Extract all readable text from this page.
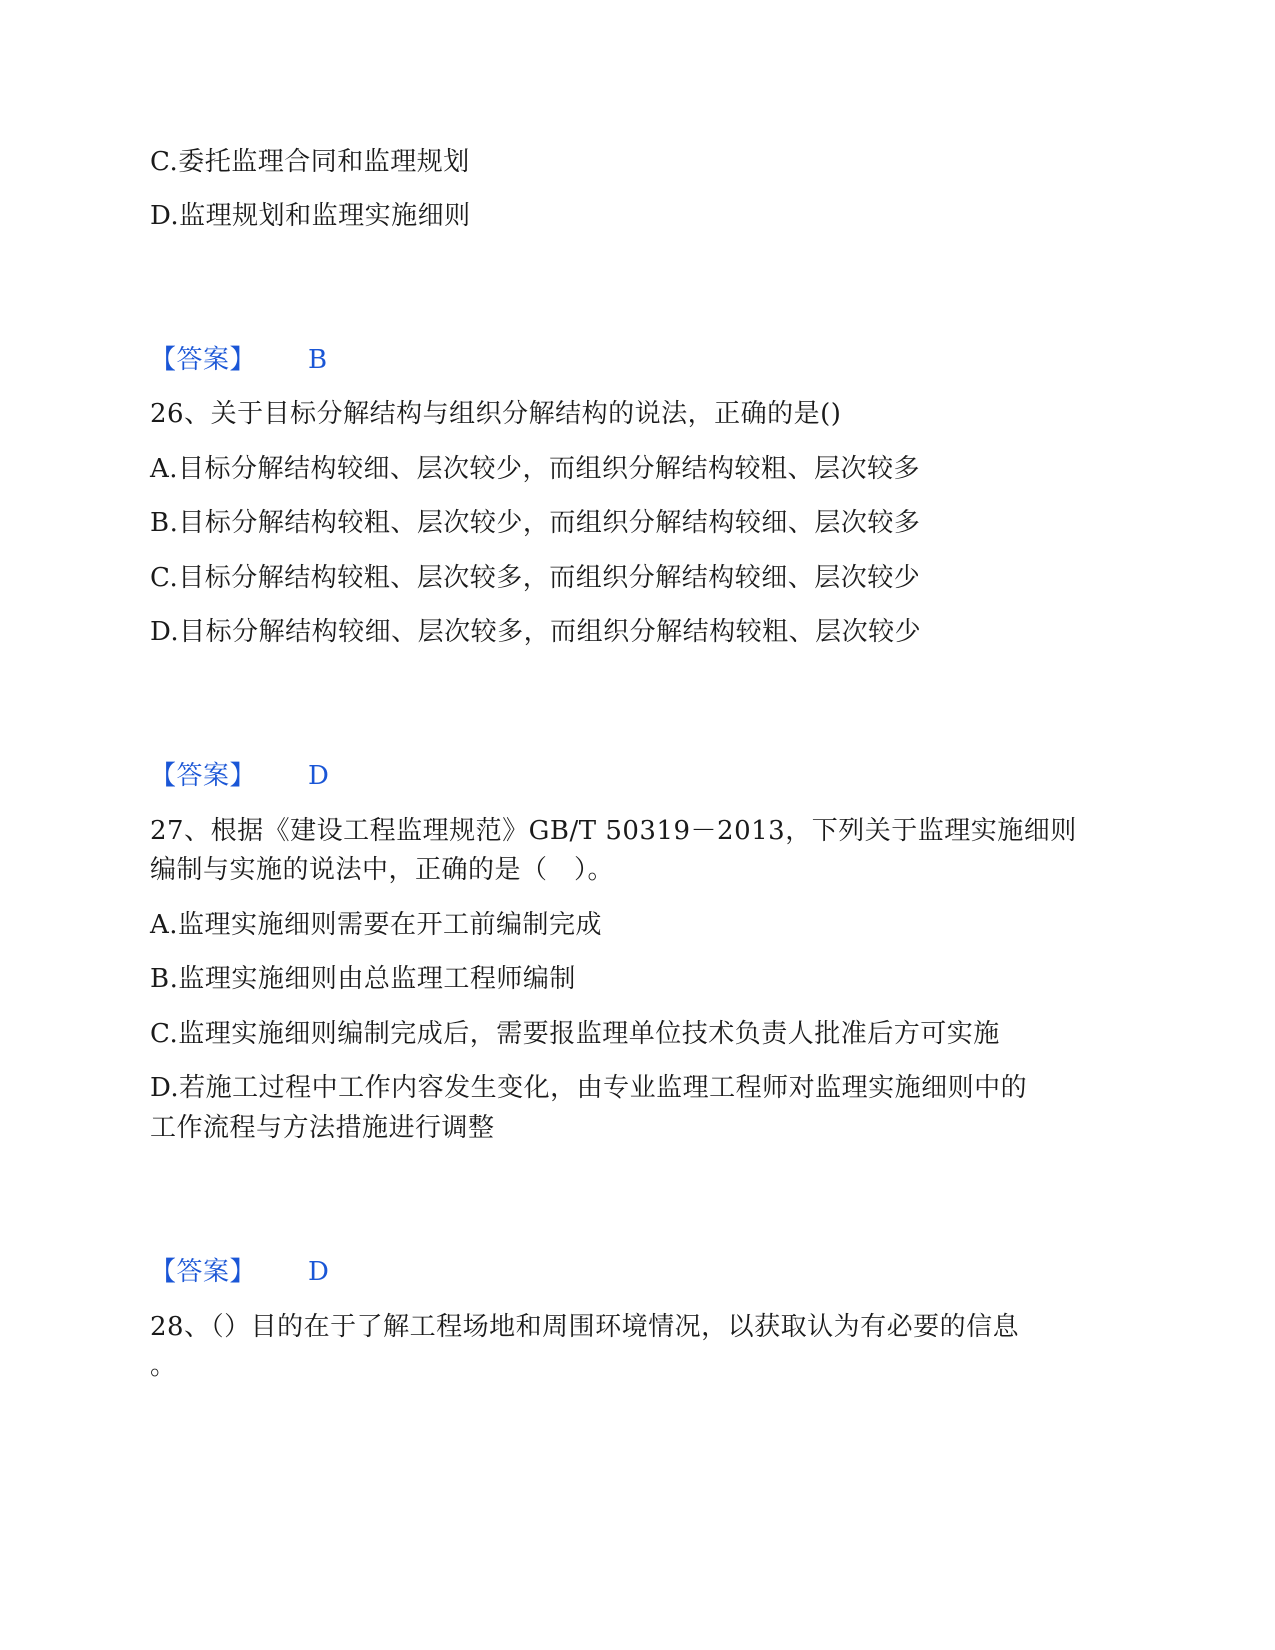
C.委托监理合同和监理规划
D.监理规划和监理实施细则
【答案】 B
26、关于目标分解结构与组织分解结构的说法，正确的是()
A.目标分解结构较细、层次较少，而组织分解结构较粗、层次较多
B.目标分解结构较粗、层次较少，而组织分解结构较细、层次较多
C.目标分解结构较粗、层次较多，而组织分解结构较细、层次较少
D.目标分解结构较细、层次较多，而组织分解结构较粗、层次较少
【答案】 D
27、根据《建设工程监理规范》GB/T 50319－2013，下列关于监理实施细则
编制与实施的说法中，正确的是（　）。
A.监理实施细则需要在开工前编制完成
B.监理实施细则由总监理工程师编制
C.监理实施细则编制完成后，需要报监理单位技术负责人批准后方可实施
D.若施工过程中工作内容发生变化，由专业监理工程师对监理实施细则中的
工作流程与方法措施进行调整
【答案】 D
28、（）目的在于了解工程场地和周围环境情况，以获取认为有必要的信息
。
